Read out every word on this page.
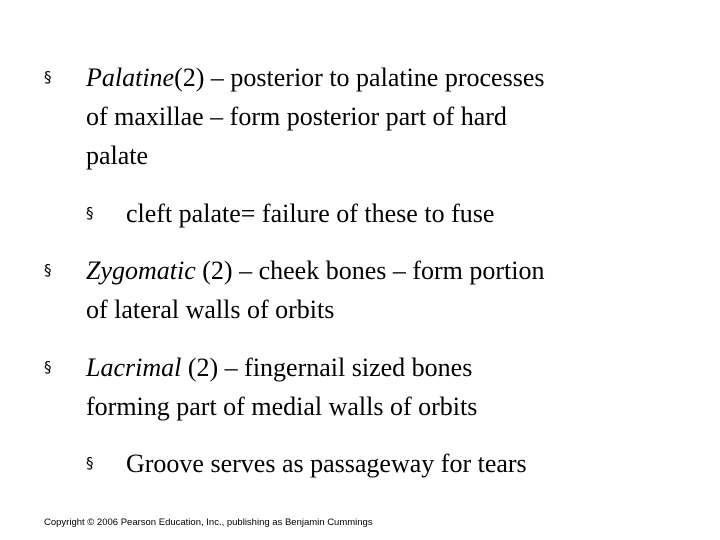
§ Palatine(2) – posterior to palatine processes
of maxillae – form posterior part of hard
palate
§ cleft palate= failure of these to fuse
§ Zygomatic (2) – cheek bones – form portion
of lateral walls of orbits
§ Lacrimal (2) – fingernail sized bones
forming part of medial walls of orbits
§ Groove serves as passageway for tears
Copyright © 2006 Pearson Education, Inc., publishing as Benjamin Cummings
